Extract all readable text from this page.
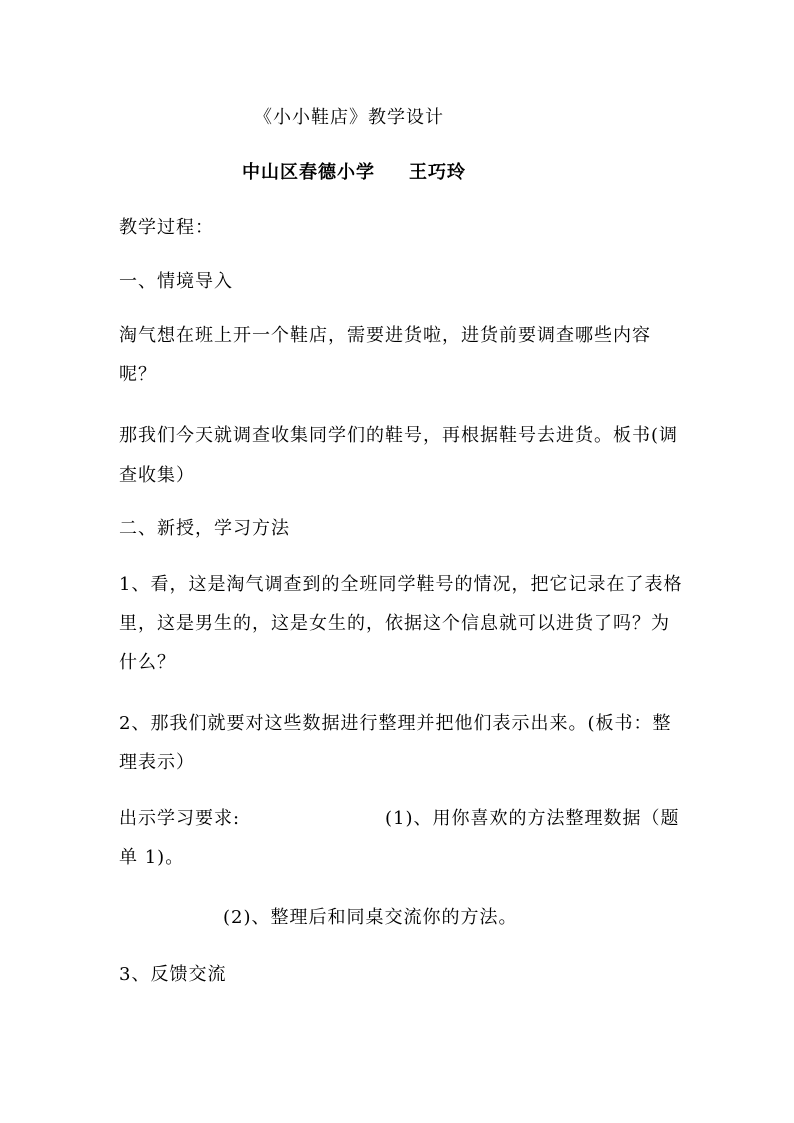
《小小鞋店》教学设计
中山区春德小学 王巧玲
教学过程：
一、情境导入
淘气想在班上开一个鞋店，需要进货啦，进货前要调查哪些内容
呢？
那我们今天就调查收集同学们的鞋号，再根据鞋号去进货。板书(调
查收集）
二、新授，学习方法
1、看，这是淘气调查到的全班同学鞋号的情况，把它记录在了表格
里，这是男生的，这是女生的，依据这个信息就可以进货了吗？为
什么？
2、那我们就要对这些数据进行整理并把他们表示出来。(板书：整
理表示）
出示学习要求:	(1)、用你喜欢的方法整理数据（题
单 1)。
(2)、整理后和同桌交流你的方法。
3、反馈交流
